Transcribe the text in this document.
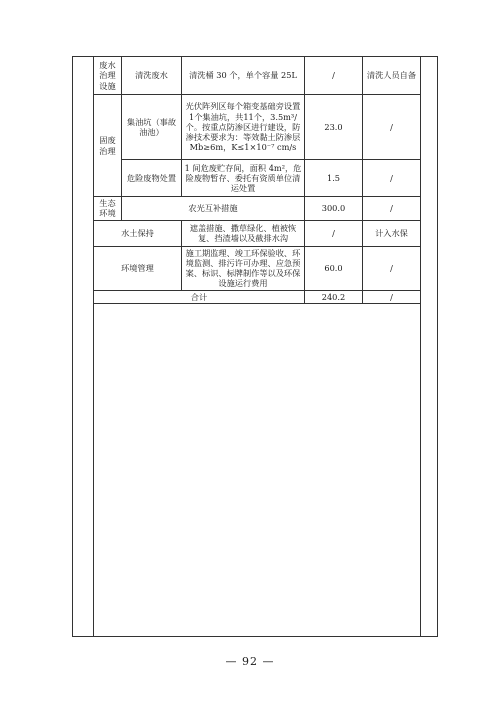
	废水治理设施	清洗废水	清洗桶 30 个，单个容量 25L	/	清洗人员自备	
	固废治理	集油坑（事故油池）	光伏阵列区每个箱变基础旁设置1个集油坑，共11个，3.5m³/个。按重点防渗区进行建设，防渗技术要求为：等效黏土防渗层Mb≥6m，K≤1×10⁻⁷ cm/s	23.0	/	
		危险废物处置	1 间危废贮存间，面积 4m²，危险废物暂存、委托有资质单位清运处置	1.5	/	
	生态环境	农光互补措施		300.0	/	
	水土保持		遮盖措施、撒草绿化、植被恢复、挡渣墙以及截排水沟	/	计入水保	
	环境管理		施工期监理、竣工环保验收、环境监测、排污许可办理、应急预案、标识、标牌制作等以及环保设施运行费用	60.0	/	
	合计			240.2	/	

— 92 —
